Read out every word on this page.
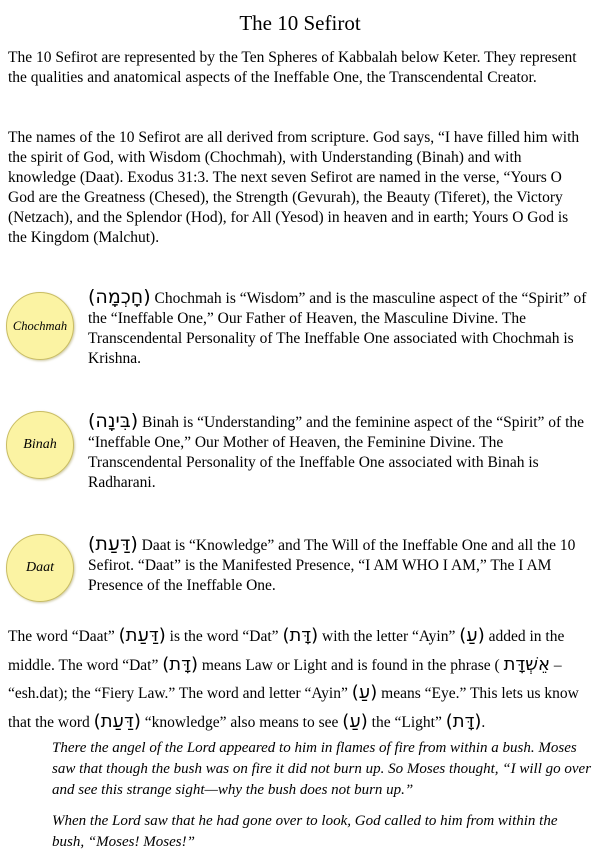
The 10 Sefirot

The 10 Sefirot are represented by the Ten Spheres of Kabbalah below Keter. They represent the qualities and anatomical aspects of the Ineffable One, the Transcendental Creator.

The names of the 10 Sefirot are all derived from scripture. God says, “I have filled him with the spirit of God, with Wisdom (Chochmah), with Understanding (Binah) and with knowledge (Daat). Exodus 31:3. The next seven Sefirot are named in the verse, “Yours O God are the Greatness (Chesed), the Strength (Gevurah), the Beauty (Tiferet), the Victory (Netzach), and the Splendor (Hod), for All (Yesod) in heaven and in earth; Yours O God is the Kingdom (Malchut).

Chochmah

(חָכְמָה) Chochmah is “Wisdom” and is the masculine aspect of the “Spirit” of the “Ineffable One,” Our Father of Heaven, the Masculine Divine. The Transcendental Personality of The Ineffable One associated with Chochmah is Krishna.

Binah

(בִּינָה) Binah is “Understanding” and the feminine aspect of the “Spirit” of the “Ineffable One,” Our Mother of Heaven, the Feminine Divine. The Transcendental Personality of the Ineffable One associated with Binah is Radharani.

Daat

(דַּעַת) Daat is “Knowledge” and The Will of the Ineffable One and all the 10 Sefirot. “Daat” is the Manifested Presence, “I AM WHO I AM,” The I AM Presence of the Ineffable One.

The word “Daat” (דַּעַת) is the word “Dat” (דָּת) with the letter “Ayin” (עַ) added in the middle. The word “Dat” (דָּת) means Law or Light and is found in the phrase ( אֵשְׁדָּת – “esh.dat); the “Fiery Law.” The word and letter “Ayin” (עַ) means “Eye.” This lets us know that the word (דַּעַת) “knowledge” also means to see (עַ) the “Light” (דָּת).

There the angel of the Lord appeared to him in flames of fire from within a bush. Moses saw that though the bush was on fire it did not burn up. So Moses thought, “I will go over and see this strange sight—why the bush does not burn up.”

When the Lord saw that he had gone over to look, God called to him from within the bush, “Moses! Moses!”
